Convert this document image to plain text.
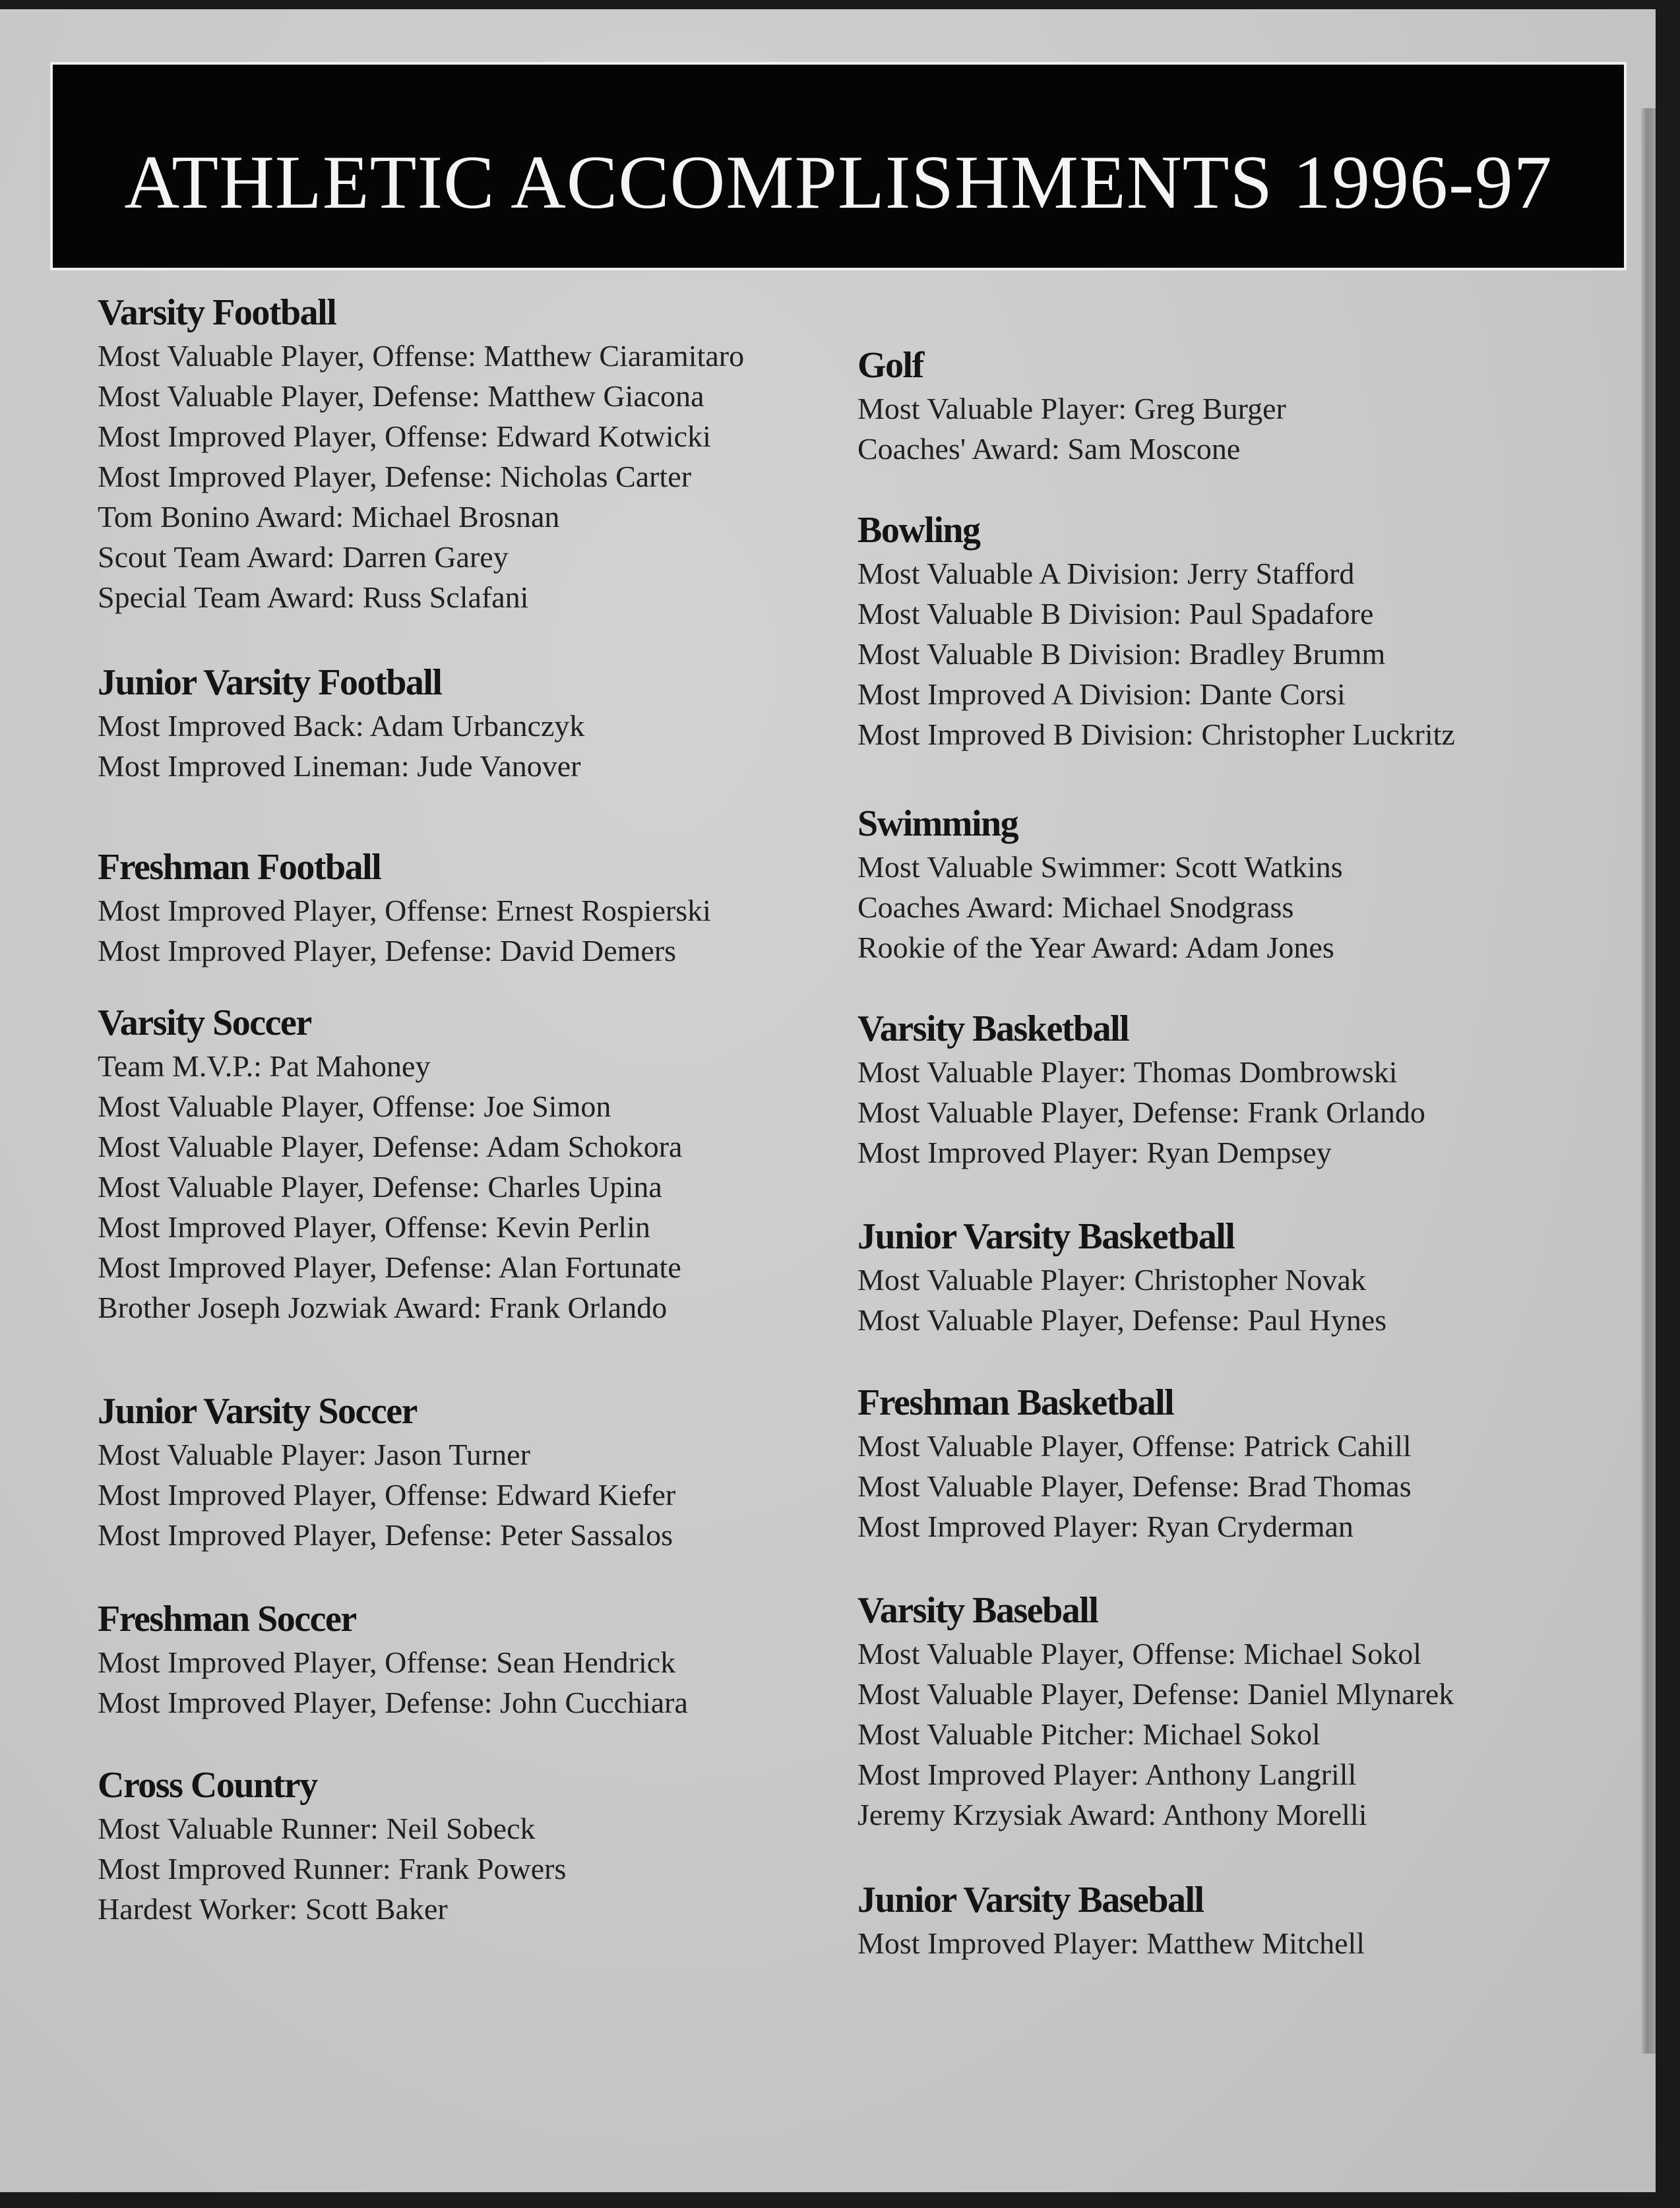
ATHLETIC ACCOMPLISHMENTS 1996-97
Varsity Football
Most Valuable Player, Offense: Matthew Ciaramitaro
Most Valuable Player, Defense: Matthew Giacona
Most Improved Player, Offense: Edward Kotwicki
Most Improved Player, Defense: Nicholas Carter
Tom Bonino Award: Michael Brosnan
Scout Team Award: Darren Garey
Special Team Award: Russ Sclafani
Junior Varsity Football
Most Improved Back: Adam Urbanczyk
Most Improved Lineman: Jude Vanover
Freshman Football
Most Improved Player, Offense: Ernest Rospierski
Most Improved Player, Defense: David Demers
Varsity Soccer
Team M.V.P.: Pat Mahoney
Most Valuable Player, Offense: Joe Simon
Most Valuable Player, Defense: Adam Schokora
Most Valuable Player, Defense: Charles Upina
Most Improved Player, Offense: Kevin Perlin
Most Improved Player, Defense: Alan Fortunate
Brother Joseph Jozwiak Award: Frank Orlando
Junior Varsity Soccer
Most Valuable Player: Jason Turner
Most Improved Player, Offense: Edward Kiefer
Most Improved Player, Defense: Peter Sassalos
Freshman Soccer
Most Improved Player, Offense: Sean Hendrick
Most Improved Player, Defense: John Cucchiara
Cross Country
Most Valuable Runner: Neil Sobeck
Most Improved Runner: Frank Powers
Hardest Worker: Scott Baker
Golf
Most Valuable Player: Greg Burger
Coaches' Award: Sam Moscone
Bowling
Most Valuable A Division: Jerry Stafford
Most Valuable B Division: Paul Spadafore
Most Valuable B Division: Bradley Brumm
Most Improved A Division: Dante Corsi
Most Improved B Division: Christopher Luckritz
Swimming
Most Valuable Swimmer: Scott Watkins
Coaches Award: Michael Snodgrass
Rookie of the Year Award: Adam Jones
Varsity Basketball
Most Valuable Player: Thomas Dombrowski
Most Valuable Player, Defense: Frank Orlando
Most Improved Player: Ryan Dempsey
Junior Varsity Basketball
Most Valuable Player: Christopher Novak
Most Valuable Player, Defense: Paul Hynes
Freshman Basketball
Most Valuable Player, Offense: Patrick Cahill
Most Valuable Player, Defense: Brad Thomas
Most Improved Player: Ryan Cryderman
Varsity Baseball
Most Valuable Player, Offense: Michael Sokol
Most Valuable Player, Defense: Daniel Mlynarek
Most Valuable Pitcher: Michael Sokol
Most Improved Player: Anthony Langrill
Jeremy Krzysiak Award: Anthony Morelli
Junior Varsity Baseball
Most Improved Player: Matthew Mitchell
